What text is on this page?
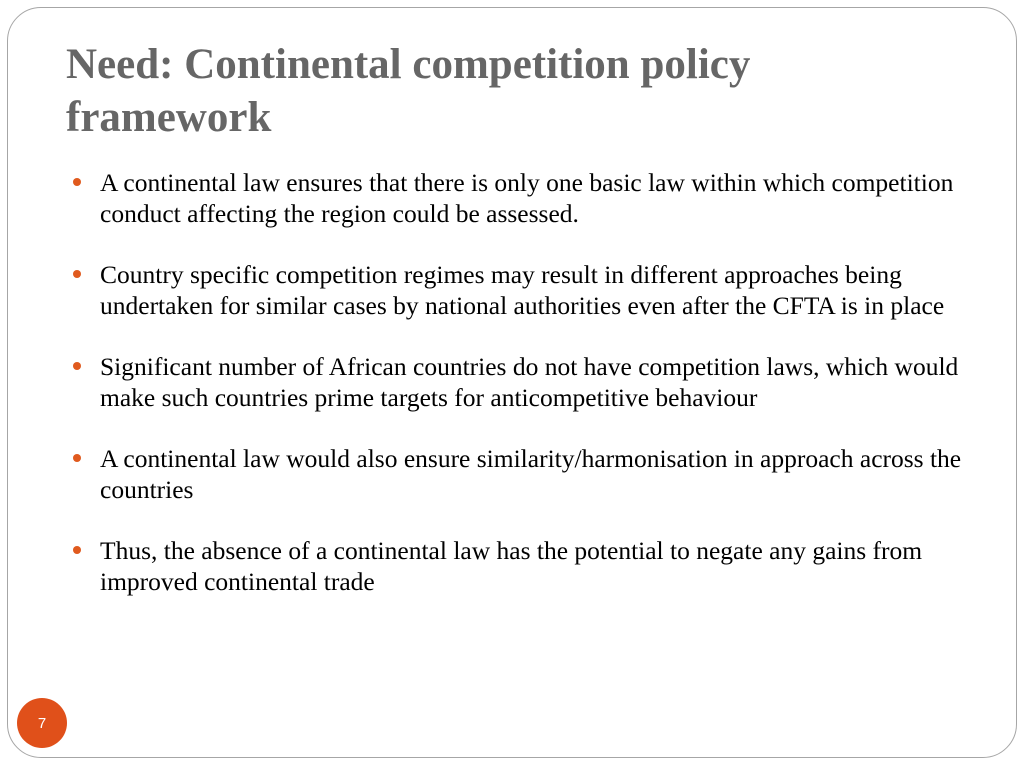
Need: Continental competition policy framework
A continental law ensures that there is only one basic law within which competition conduct affecting the region could be assessed.
Country specific competition regimes may result in different approaches being undertaken for similar cases by national authorities even after the CFTA is in place
Significant number of African countries do not have competition laws, which would make such countries prime targets for anticompetitive behaviour
A continental law would also ensure similarity/harmonisation in approach across the countries
Thus, the absence of a continental law has the potential to negate any gains from improved continental trade
7
